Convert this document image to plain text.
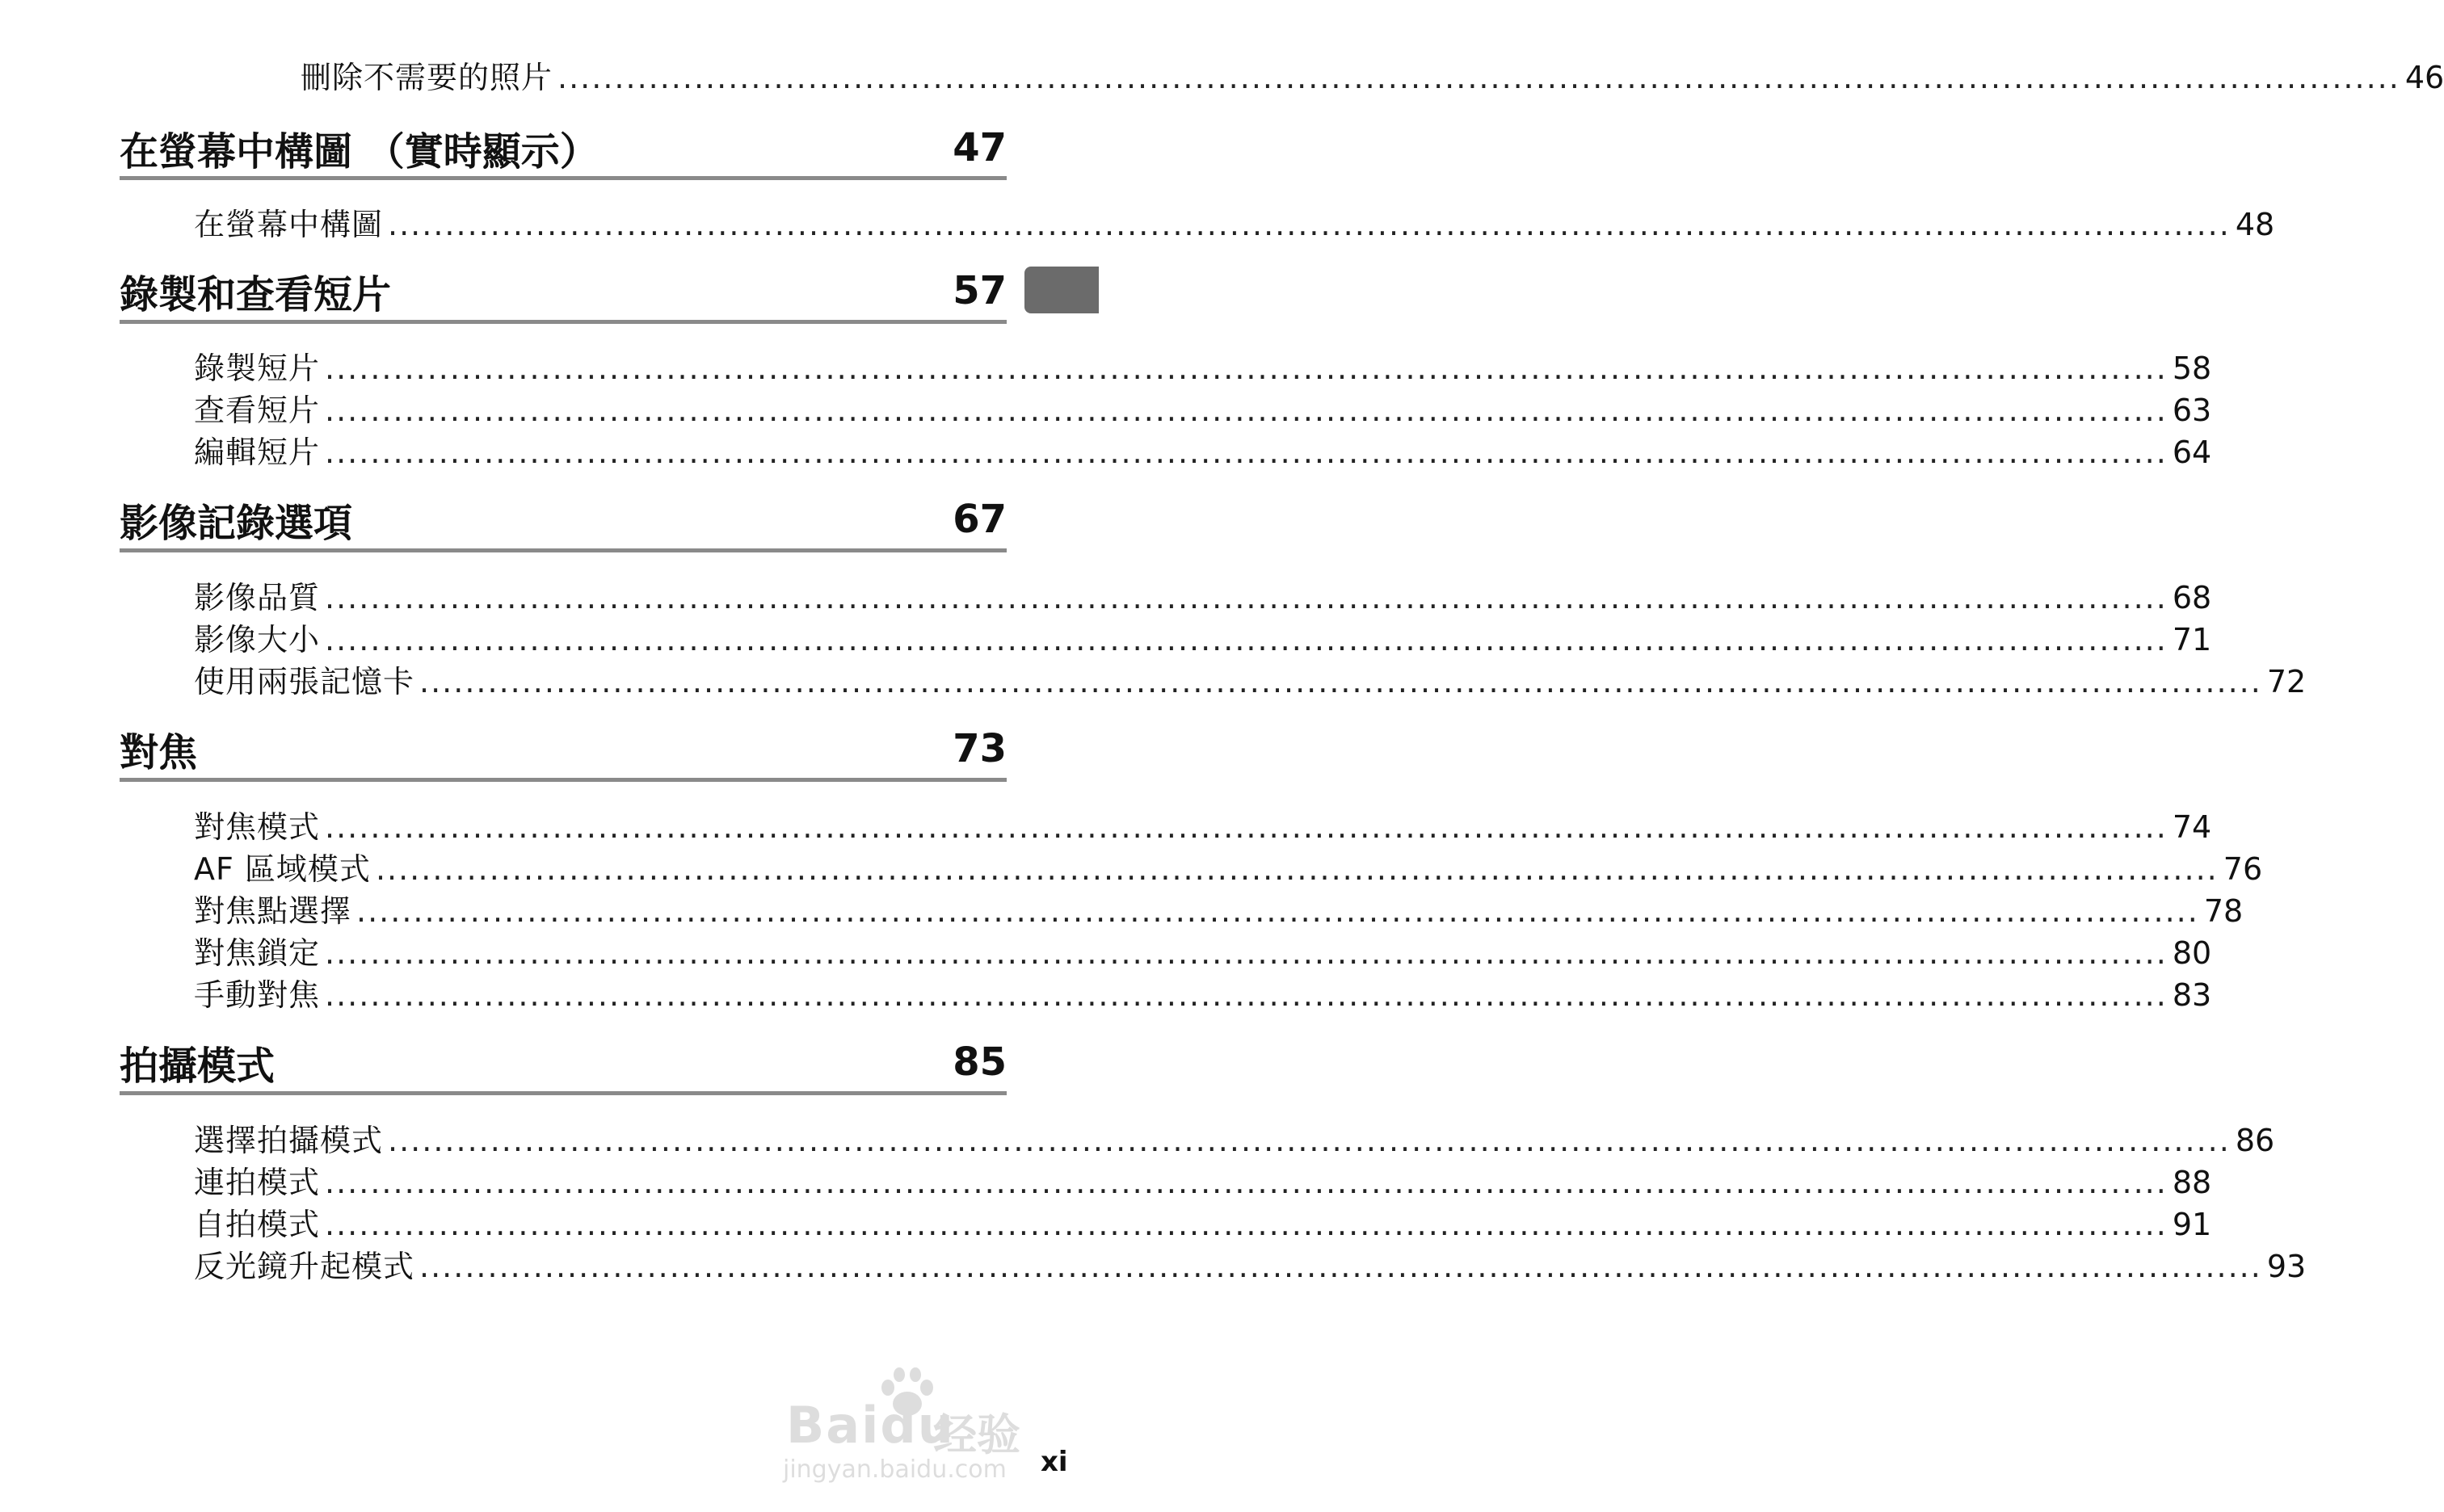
刪除不需要的照片 .................................................................................................................................................................. 46
在螢幕中構圖 （實時顯示）	47
在螢幕中構圖 .................................................................................................................................................................. 48
錄製和查看短片	57
錄製短片 .................................................................................................................................................................. 58
查看短片 .................................................................................................................................................................. 63
編輯短片 .................................................................................................................................................................. 64
影像記錄選項	67
影像品質 .................................................................................................................................................................. 68
影像大小 .................................................................................................................................................................. 71
使用兩張記憶卡 .................................................................................................................................................................. 72
對焦	73
對焦模式 .................................................................................................................................................................. 74
AF 區域模式 .................................................................................................................................................................. 76
對焦點選擇 .................................................................................................................................................................. 78
對焦鎖定 .................................................................................................................................................................. 80
手動對焦 .................................................................................................................................................................. 83
拍攝模式	85
選擇拍攝模式 .................................................................................................................................................................. 86
連拍模式 .................................................................................................................................................................. 88
自拍模式 .................................................................................................................................................................. 91
反光鏡升起模式 .................................................................................................................................................................. 93
Baidu
经验
jingyan.baidu.com xi
